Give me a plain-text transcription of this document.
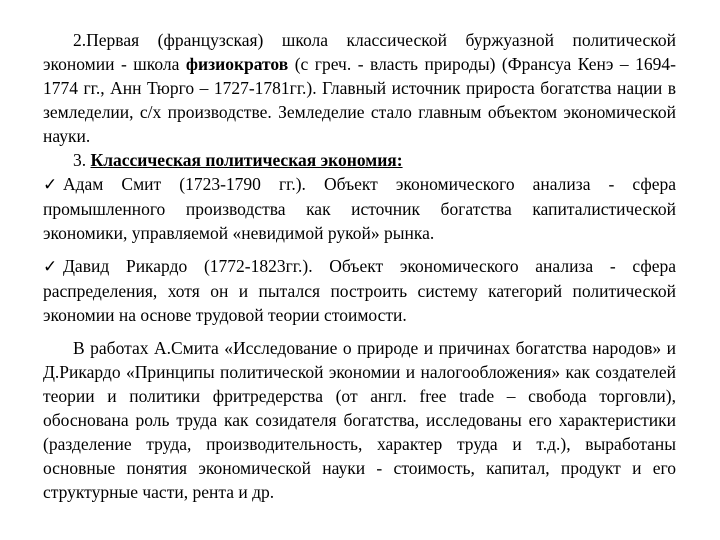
2.Первая (французская) школа классической буржуазной политической экономии - школа физиократов (с греч. - власть природы) (Франсуа Кенэ – 1694-1774 гг., Анн Тюрго – 1727-1781гг.). Главный источник прироста богатства нации в земледелии, с/х производстве. Земледелие стало главным объектом экономической науки.

3. Классическая политическая экономия:

✓ Адам Смит (1723-1790 гг.). Объект экономического анализа - сфера промышленного производства как источник богатства капиталистической экономики, управляемой «невидимой рукой» рынка.

✓ Давид Рикардо (1772-1823гг.). Объект экономического анализа - сфера распределения, хотя он и пытался построить систему категорий политической экономии на основе трудовой теории стоимости.

В работах А.Смита «Исследование о природе и причинах богатства народов» и Д.Рикардо «Принципы политической экономии и налогообложения» как создателей теории и политики фритредерства (от англ. free trade – свобода торговли), обоснована роль труда как созидателя богатства, исследованы его характеристики (разделение труда, производительность, характер труда и т.д.), выработаны основные понятия экономической науки - стоимость, капитал, продукт и его структурные части, рента и др.
